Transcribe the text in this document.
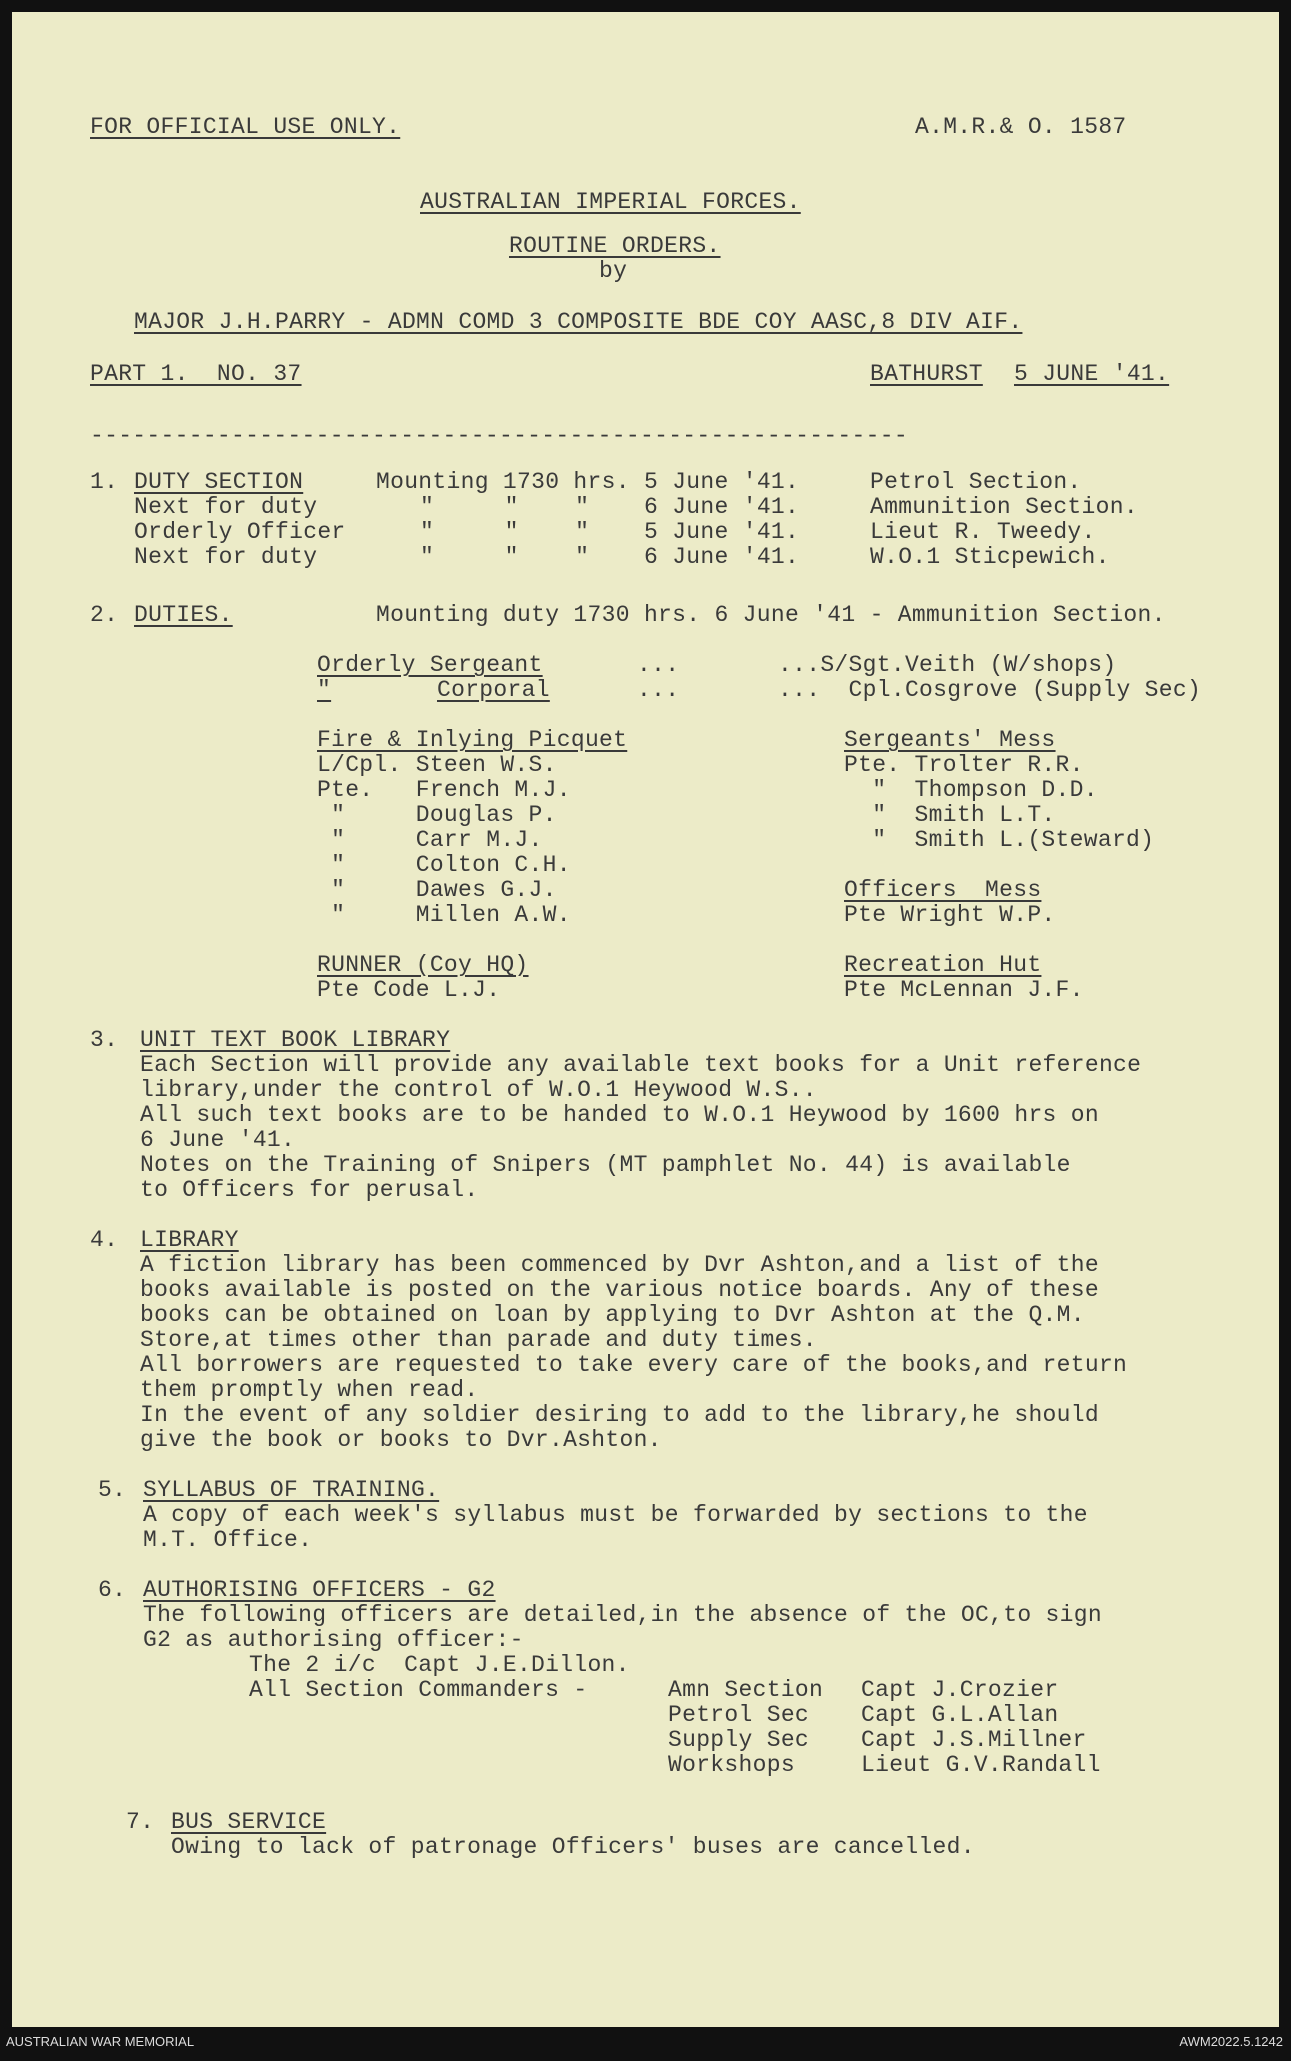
FOR OFFICIAL USE ONLY.	A.M.R.& O. 1587
AUSTRALIAN IMPERIAL FORCES.
ROUTINE ORDERS.
by
MAJOR J.H.PARRY - ADMN COMD 3 COMPOSITE BDE COY AASC,8 DIV AIF.
PART 1.  NO. 37	BATHURST 5 JUNE '41.
----------------------------------------------------------
1. DUTY SECTION	Mounting 1730 hrs. 5 June '41.	Petrol Section.
Next for duty	"     "    " 6 June '41.	Ammunition Section.
Orderly Officer	"     "    " 5 June '41.	Lieut R. Tweedy.
Next for duty	"     "    " 6 June '41.	W.O.1 Sticpewich.
2. DUTIES.	Mounting duty 1730 hrs. 6 June '41 - Ammunition Section.
Orderly Sergeant	...       ...S/Sgt.Veith (W/shops)
"	Corporal	...       ...  Cpl.Cosgrove (Supply Sec)
Fire & Inlying Picquet
L/Cpl. Steen W.S.
Pte.   French M.J.
"     Douglas P.
"     Carr M.J.
"     Colton C.H.
"     Dawes G.J.
"     Millen A.W.
Sergeants' Mess
Pte. Trolter R.R.
"  Thompson D.D.
"  Smith L.T.
"  Smith L.(Steward)
Officers  Mess
Pte Wright W.P.
RUNNER (Coy HQ)
Pte Code L.J.
Recreation Hut
Pte McLennan J.F.
3. UNIT TEXT BOOK LIBRARY
Each Section will provide any available text books for a Unit reference
library,under the control of W.O.1 Heywood W.S..
All such text books are to be handed to W.O.1 Heywood by 1600 hrs on
6 June '41.
Notes on the Training of Snipers (MT pamphlet No. 44) is available
to Officers for perusal.
4. LIBRARY
A fiction library has been commenced by Dvr Ashton,and a list of the
books available is posted on the various notice boards. Any of these
books can be obtained on loan by applying to Dvr Ashton at the Q.M.
Store,at times other than parade and duty times.
All borrowers are requested to take every care of the books,and return
them promptly when read.
In the event of any soldier desiring to add to the library,he should
give the book or books to Dvr.Ashton.
5. SYLLABUS OF TRAINING.
A copy of each week's syllabus must be forwarded by sections to the
M.T. Office.
6. AUTHORISING OFFICERS - G2
The following officers are detailed,in the absence of the OC,to sign
G2 as authorising officer:-
The 2 i/c  Capt J.E.Dillon.
All Section Commanders -	Amn Section Capt J.Crozier
Petrol Sec Capt G.L.Allan
Supply Sec Capt J.S.Millner
Workshops	Lieut G.V.Randall
7. BUS SERVICE
Owing to lack of patronage Officers' buses are cancelled.
AUSTRALIAN WAR MEMORIAL	AWM2022.5.1242
